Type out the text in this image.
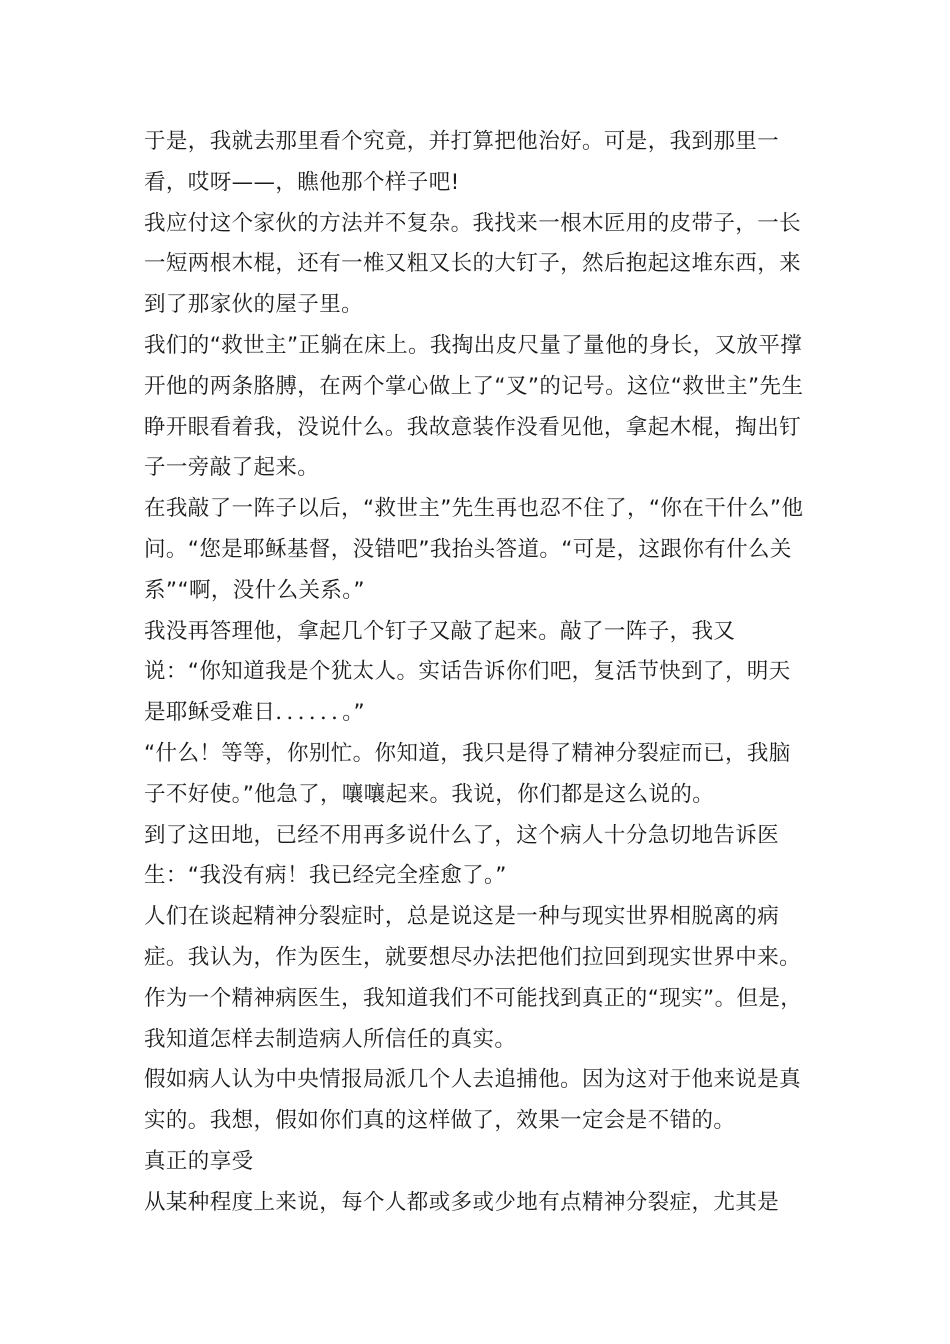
于是，我就去那里看个究竟，并打算把他治好。可是，我到那里一看，哎呀——，瞧他那个样子吧!

我应付这个家伙的方法并不复杂。我找来一根木匠用的皮带子，一长一短两根木棍，还有一椎又粗又长的大钉子，然后抱起这堆东西，来到了那家伙的屋子里。

我们的“救世主”正躺在床上。我掏出皮尺量了量他的身长，又放平撑开他的两条胳膊，在两个掌心做上了“叉”的记号。这位“救世主”先生睁开眼看着我，没说什么。我故意装作没看见他，拿起木棍，掏出钉子一旁敲了起来。

在我敲了一阵子以后，“救世主”先生再也忍不住了，“你在干什么”他问。“您是耶稣基督，没错吧”我抬头答道。“可是，这跟你有什么关系”“啊，没什么关系。”

我没再答理他，拿起几个钉子又敲了起来。敲了一阵子，我又说：“你知道我是个犹太人。实话告诉你们吧，复活节快到了，明天是耶稣受难日．．．．．．。”

“什么！等等，你别忙。你知道，我只是得了精神分裂症而已，我脑子不好使。”他急了，嚷嚷起来。我说，你们都是这么说的。

到了这田地，已经不用再多说什么了，这个病人十分急切地告诉医生：“我没有病！我已经完全痊愈了。”

人们在谈起精神分裂症时，总是说这是一种与现实世界相脱离的病症。我认为，作为医生，就要想尽办法把他们拉回到现实世界中来。

作为一个精神病医生，我知道我们不可能找到真正的“现实”。但是，我知道怎样去制造病人所信任的真实。

假如病人认为中央情报局派几个人去追捕他。因为这对于他来说是真实的。我想，假如你们真的这样做了，效果一定会是不错的。

真正的享受

从某种程度上来说，每个人都或多或少地有点精神分裂症，尤其是
